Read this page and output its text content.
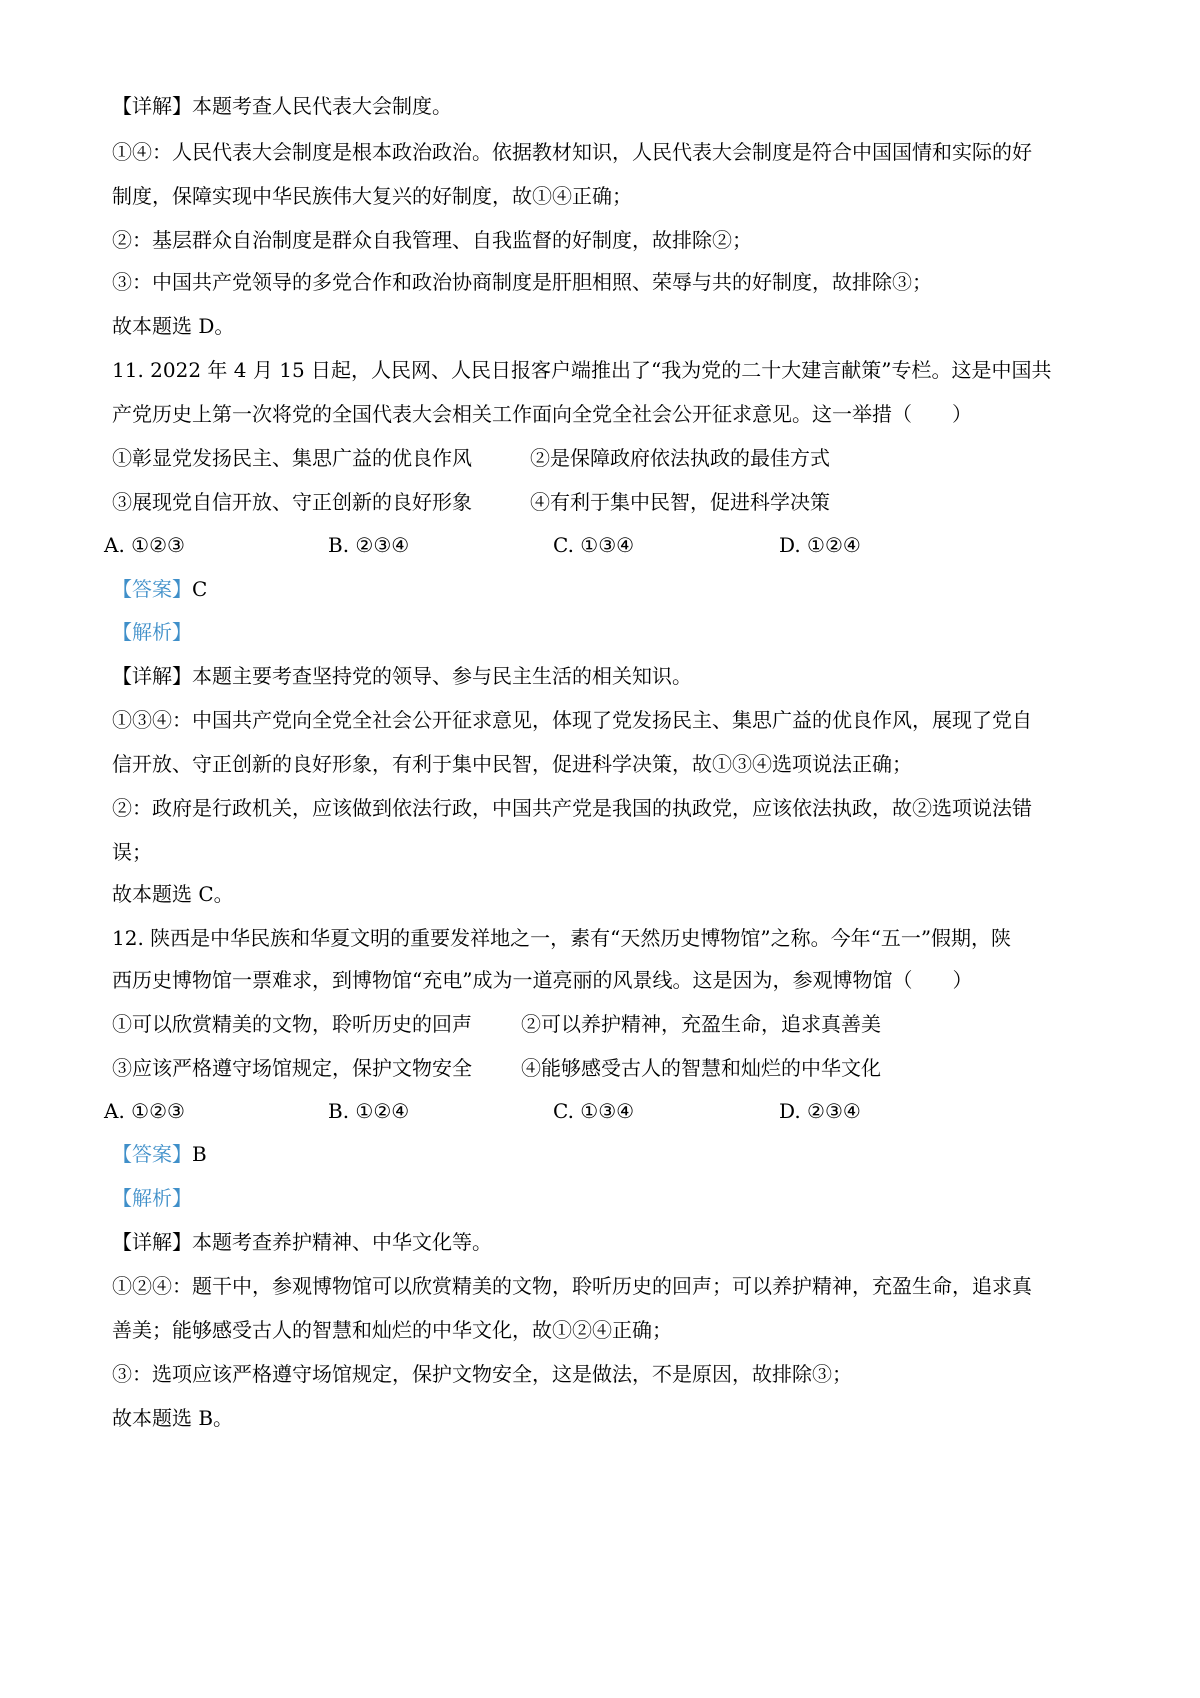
【详解】本题考查人民代表大会制度。
①④：人民代表大会制度是根本政治政治。依据教材知识，人民代表大会制度是符合中国国情和实际的好
制度，保障实现中华民族伟大复兴的好制度，故①④正确；
②：基层群众自治制度是群众自我管理、自我监督的好制度，故排除②；
③：中国共产党领导的多党合作和政治协商制度是肝胆相照、荣辱与共的好制度，故排除③；
故本题选 D。
11. 2022 年 4 月 15 日起，人民网、人民日报客户端推出了“我为党的二十大建言献策”专栏。这是中国共
产党历史上第一次将党的全国代表大会相关工作面向全党全社会公开征求意见。这一举措（　　）
①彰显党发扬民主、集思广益的优良作风	②是保障政府依法执政的最佳方式
③展现党自信开放、守正创新的良好形象	④有利于集中民智，促进科学决策
A. ①②③	B. ②③④	C. ①③④	D. ①②④
【答案】C
【解析】
【详解】本题主要考查坚持党的领导、参与民主生活的相关知识。
①③④：中国共产党向全党全社会公开征求意见，体现了党发扬民主、集思广益的优良作风，展现了党自
信开放、守正创新的良好形象，有利于集中民智，促进科学决策，故①③④选项说法正确；
②：政府是行政机关，应该做到依法行政，中国共产党是我国的执政党，应该依法执政，故②选项说法错
误；
故本题选 C。
12. 陕西是中华民族和华夏文明的重要发祥地之一，素有“天然历史博物馆”之称。今年“五一”假期，陕
西历史博物馆一票难求，到博物馆“充电”成为一道亮丽的风景线。这是因为，参观博物馆（　　）
①可以欣赏精美的文物，聆听历史的回声 ②可以养护精神，充盈生命，追求真善美
③应该严格遵守场馆规定，保护文物安全 ④能够感受古人的智慧和灿烂的中华文化
A. ①②③	B. ①②④	C. ①③④	D. ②③④
【答案】B
【解析】
【详解】本题考查养护精神、中华文化等。
①②④：题干中，参观博物馆可以欣赏精美的文物，聆听历史的回声；可以养护精神，充盈生命，追求真
善美；能够感受古人的智慧和灿烂的中华文化，故①②④正确；
③：选项应该严格遵守场馆规定，保护文物安全，这是做法，不是原因，故排除③；
故本题选 B。
